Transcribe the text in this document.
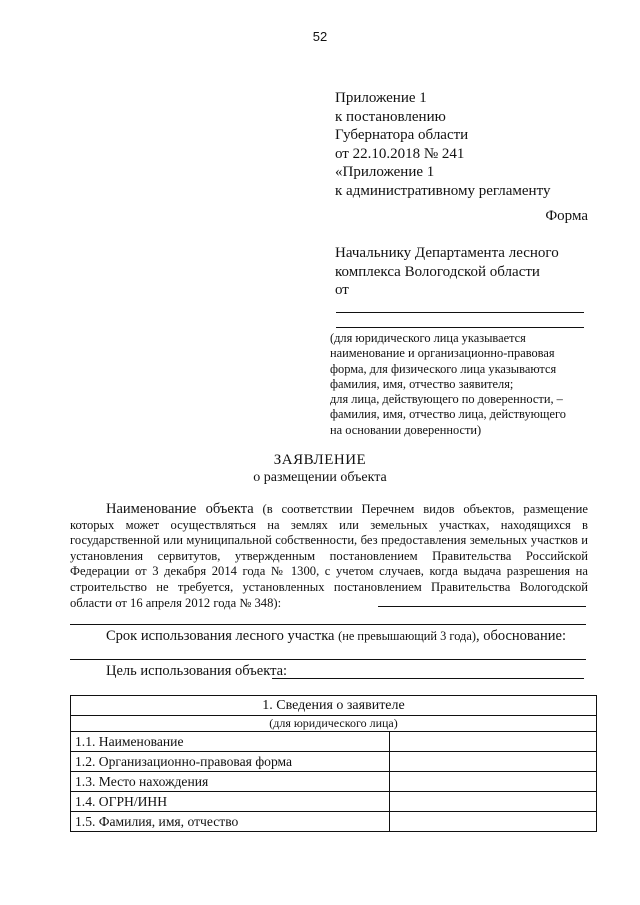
52
Приложение 1
к постановлению
Губернатора области
от 22.10.2018 № 241
«Приложение 1
к административному регламенту
Форма
Начальнику Департамента лесного
комплекса Вологодской области
от
(для юридического лица указывается
наименование и организационно-правовая
форма, для физического лица указываются
фамилия, имя, отчество заявителя;
для лица, действующего по доверенности, –
фамилия, имя, отчество лица, действующего
на основании доверенности)
ЗАЯВЛЕНИЕ
о размещении объекта
Наименование объекта (в соответствии Перечнем видов объектов, размещение которых может осуществляться на землях или земельных участках, находящихся в государственной или муниципальной собственности, без предоставления земельных участков и установления сервитутов, утвержденным постановлением Правительства Российской Федерации от 3 декабря 2014 года № 1300, с учетом случаев, когда выдача разрешения на строительство не требуется, установленных постановлением Правительства Вологодской области от 16 апреля 2012 года № 348):
Срок использования лесного участка (не превышающий 3 года), обоснование:
Цель использования объекта:
1. Сведения о заявителе	
(для юридического лица)	
1.1. Наименование	
1.2. Организационно-правовая форма	
1.3. Место нахождения	
1.4. ОГРН/ИНН	
1.5. Фамилия, имя, отчество	
